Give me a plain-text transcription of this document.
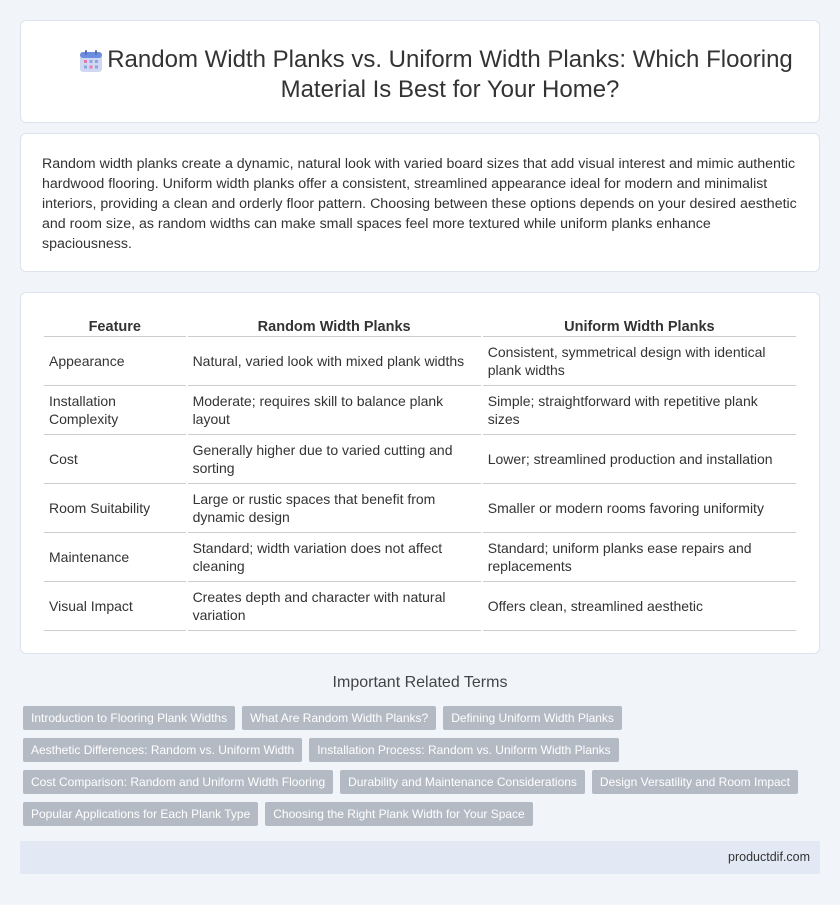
Random Width Planks vs. Uniform Width Planks: Which Flooring Material Is Best for Your Home?

Random width planks create a dynamic, natural look with varied board sizes that add visual interest and mimic authentic hardwood flooring. Uniform width planks offer a consistent, streamlined appearance ideal for modern and minimalist interiors, providing a clean and orderly floor pattern. Choosing between these options depends on your desired aesthetic and room size, as random widths can make small spaces feel more textured while uniform planks enhance spaciousness.

Feature	Random Width Planks	Uniform Width Planks
Appearance	Natural, varied look with mixed plank widths	Consistent, symmetrical design with identical plank widths
Installation Complexity	Moderate; requires skill to balance plank layout	Simple; straightforward with repetitive plank sizes
Cost	Generally higher due to varied cutting and sorting	Lower; streamlined production and installation
Room Suitability	Large or rustic spaces that benefit from dynamic design	Smaller or modern rooms favoring uniformity
Maintenance	Standard; width variation does not affect cleaning	Standard; uniform planks ease repairs and replacements
Visual Impact	Creates depth and character with natural variation	Offers clean, streamlined aesthetic
Important Related Terms
Introduction to Flooring Plank Widths	What Are Random Width Planks?	Defining Uniform Width Planks
Aesthetic Differences: Random vs. Uniform Width	Installation Process: Random vs. Uniform Width Planks
Cost Comparison: Random and Uniform Width Flooring	Durability and Maintenance Considerations	Design Versatility and Room Impact
Popular Applications for Each Plank Type	Choosing the Right Plank Width for Your Space
productdif.com
